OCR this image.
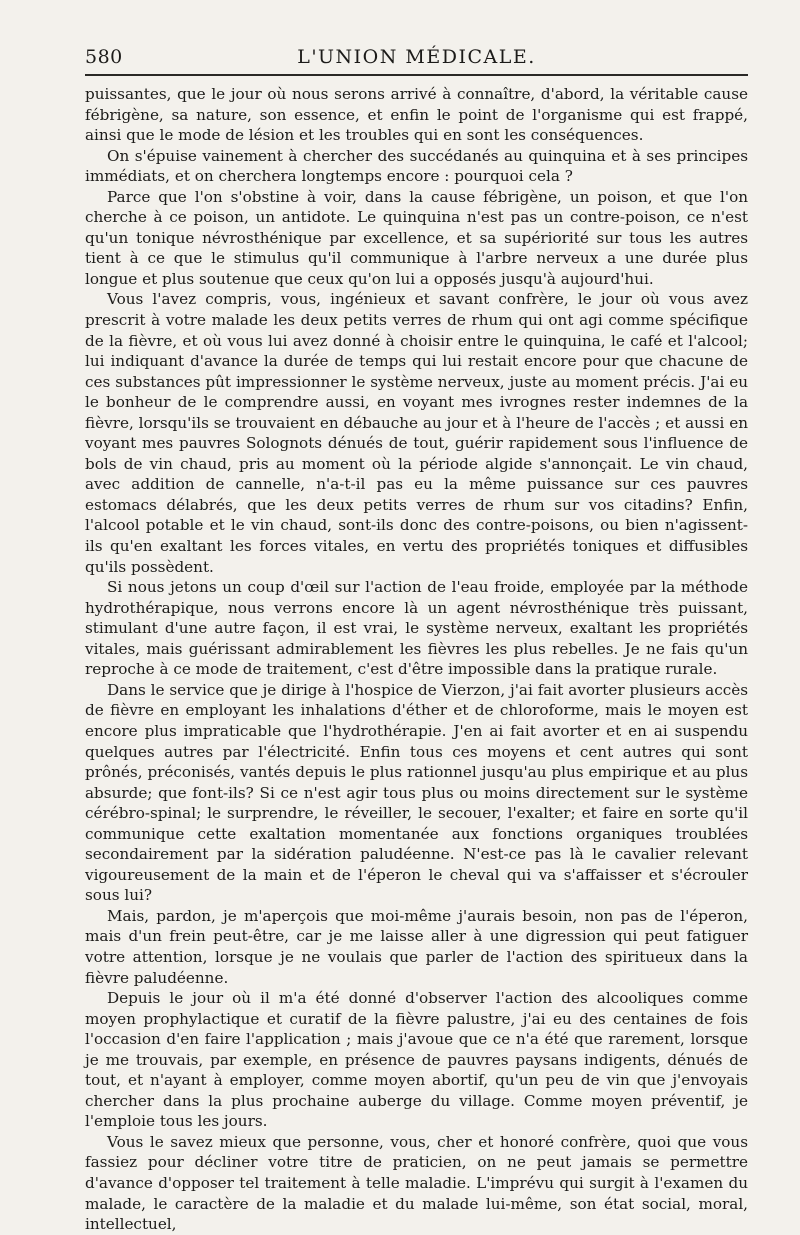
580	L'UNION MÉDICALE.

puissantes, que le jour où nous serons arrivé à connaître, d'abord, la véritable cause fébrigène, sa nature, son essence, et enfin le point de l'organisme qui est frappé, ainsi que le mode de lésion et les troubles qui en sont les conséquences.

On s'épuise vainement à chercher des succédanés au quinquina et à ses principes immédiats, et on cherchera longtemps encore : pourquoi cela ?

Parce que l'on s'obstine à voir, dans la cause fébrigène, un poison, et que l'on cherche à ce poison, un antidote. Le quinquina n'est pas un contre-poison, ce n'est qu'un tonique névrosthénique par excellence, et sa supériorité sur tous les autres tient à ce que le stimulus qu'il communique à l'arbre nerveux a une durée plus longue et plus soutenue que ceux qu'on lui a opposés jusqu'à aujourd'hui.

Vous l'avez compris, vous, ingénieux et savant confrère, le jour où vous avez prescrit à votre malade les deux petits verres de rhum qui ont agi comme spécifique de la fièvre, et où vous lui avez donné à choisir entre le quinquina, le café et l'alcool; lui indiquant d'avance la durée de temps qui lui restait encore pour que chacune de ces substances pût impressionner le système nerveux, juste au moment précis. J'ai eu le bonheur de le comprendre aussi, en voyant mes ivrognes rester indemnes de la fièvre, lorsqu'ils se trouvaient en débauche au jour et à l'heure de l'accès ; et aussi en voyant mes pauvres Solognots dénués de tout, guérir rapidement sous l'influence de bols de vin chaud, pris au moment où la période algide s'annonçait. Le vin chaud, avec addition de cannelle, n'a-t-il pas eu la même puissance sur ces pauvres estomacs délabrés, que les deux petits verres de rhum sur vos citadins? Enfin, l'alcool potable et le vin chaud, sont-ils donc des contre-poisons, ou bien n'agissent-ils qu'en exaltant les forces vitales, en vertu des propriétés toniques et diffusibles qu'ils possèdent.

Si nous jetons un coup d'œil sur l'action de l'eau froide, employée par la méthode hydrothérapique, nous verrons encore là un agent névrosthénique très puissant, stimulant d'une autre façon, il est vrai, le système nerveux, exaltant les propriétés vitales, mais guérissant admirablement les fièvres les plus rebelles. Je ne fais qu'un reproche à ce mode de traitement, c'est d'être impossible dans la pratique rurale.

Dans le service que je dirige à l'hospice de Vierzon, j'ai fait avorter plusieurs accès de fièvre en employant les inhalations d'éther et de chloroforme, mais le moyen est encore plus impraticable que l'hydrothérapie. J'en ai fait avorter et en ai suspendu quelques autres par l'électricité. Enfin tous ces moyens et cent autres qui sont prônés, préconisés, vantés depuis le plus rationnel jusqu'au plus empirique et au plus absurde; que font-ils? Si ce n'est agir tous plus ou moins directement sur le système cérébro-spinal; le surprendre, le réveiller, le secouer, l'exalter; et faire en sorte qu'il communique cette exaltation momentanée aux fonctions organiques troublées secondairement par la sidération paludéenne. N'est-ce pas là le cavalier relevant vigoureusement de la main et de l'éperon le cheval qui va s'affaisser et s'écrouler sous lui?

Mais, pardon, je m'aperçois que moi-même j'aurais besoin, non pas de l'éperon, mais d'un frein peut-être, car je me laisse aller à une digression qui peut fatiguer votre attention, lorsque je ne voulais que parler de l'action des spiritueux dans la fièvre paludéenne.

Depuis le jour où il m'a été donné d'observer l'action des alcooliques comme moyen prophylactique et curatif de la fièvre palustre, j'ai eu des centaines de fois l'occasion d'en faire l'application ; mais j'avoue que ce n'a été que rarement, lorsque je me trouvais, par exemple, en présence de pauvres paysans indigents, dénués de tout, et n'ayant à employer, comme moyen abortif, qu'un peu de vin que j'envoyais chercher dans la plus prochaine auberge du village. Comme moyen préventif, je l'emploie tous les jours.

Vous le savez mieux que personne, vous, cher et honoré confrère, quoi que vous fassiez pour décliner votre titre de praticien, on ne peut jamais se permettre d'avance d'opposer tel traitement à telle maladie. L'imprévu qui surgit à l'examen du malade, le caractère de la maladie et du malade lui-même, son état social, moral, intellectuel,
